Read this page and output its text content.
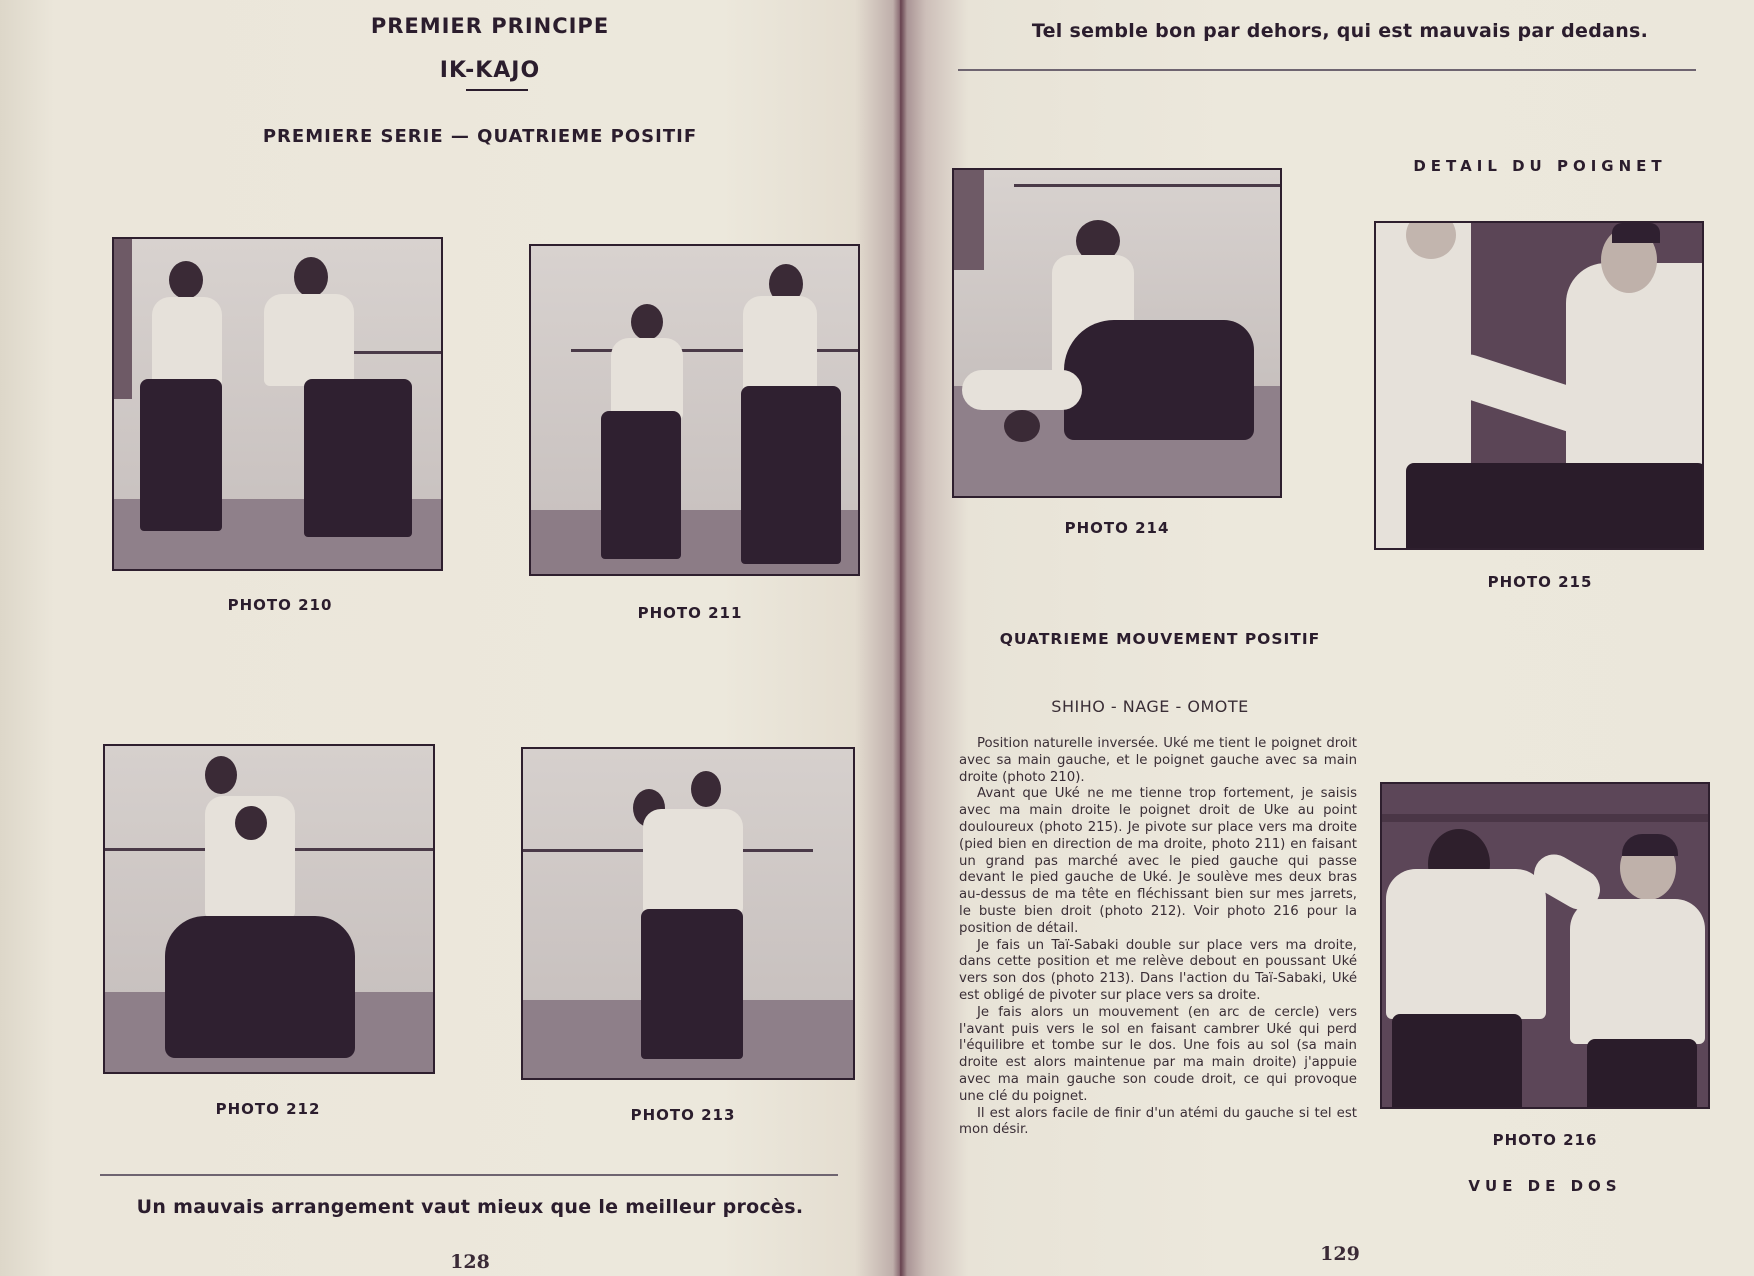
PREMIER PRINCIPE
IK-KAJO
PREMIERE SERIE — QUATRIEME POSITIF
PHOTO 210	PHOTO 211
PHOTO 212	PHOTO 213
Un mauvais arrangement vaut mieux que le meilleur procès.
128
Tel semble bon par dehors, qui est mauvais par dedans.
DETAIL DU POIGNET
PHOTO 214
PHOTO 215
QUATRIEME MOUVEMENT POSITIF
SHIHO - NAGE - OMOTE

Position naturelle inversée. Uké me tient le poignet droit avec sa main gauche, et le poignet gauche avec sa main droite (photo 210).

Avant que Uké ne me tienne trop fortement, je saisis avec ma main droite le poignet droit de Uke au point douloureux (photo 215). Je pivote sur place vers ma droite (pied bien en direction de ma droite, photo 211) en faisant un grand pas marché avec le pied gauche qui passe devant le pied gauche de Uké. Je soulève mes deux bras au-dessus de ma tête en fléchissant bien sur mes jarrets, le buste bien droit (photo 212). Voir photo 216 pour la position de détail.

Je fais un Taï-Sabaki double sur place vers ma droite, dans cette position et me relève debout en poussant Uké vers son dos (photo 213). Dans l'action du Taï-Sabaki, Uké est obligé de pivoter sur place vers sa droite.

Je fais alors un mouvement (en arc de cercle) vers l'avant puis vers le sol en faisant cambrer Uké qui perd l'équilibre et tombe sur le dos. Une fois au sol (sa main droite est alors maintenue par ma main droite) j'appuie avec ma main gauche son coude droit, ce qui provoque une clé du poignet.

Il est alors facile de finir d'un atémi du gauche si tel est mon désir.

PHOTO 216
VUE DE DOS
129
